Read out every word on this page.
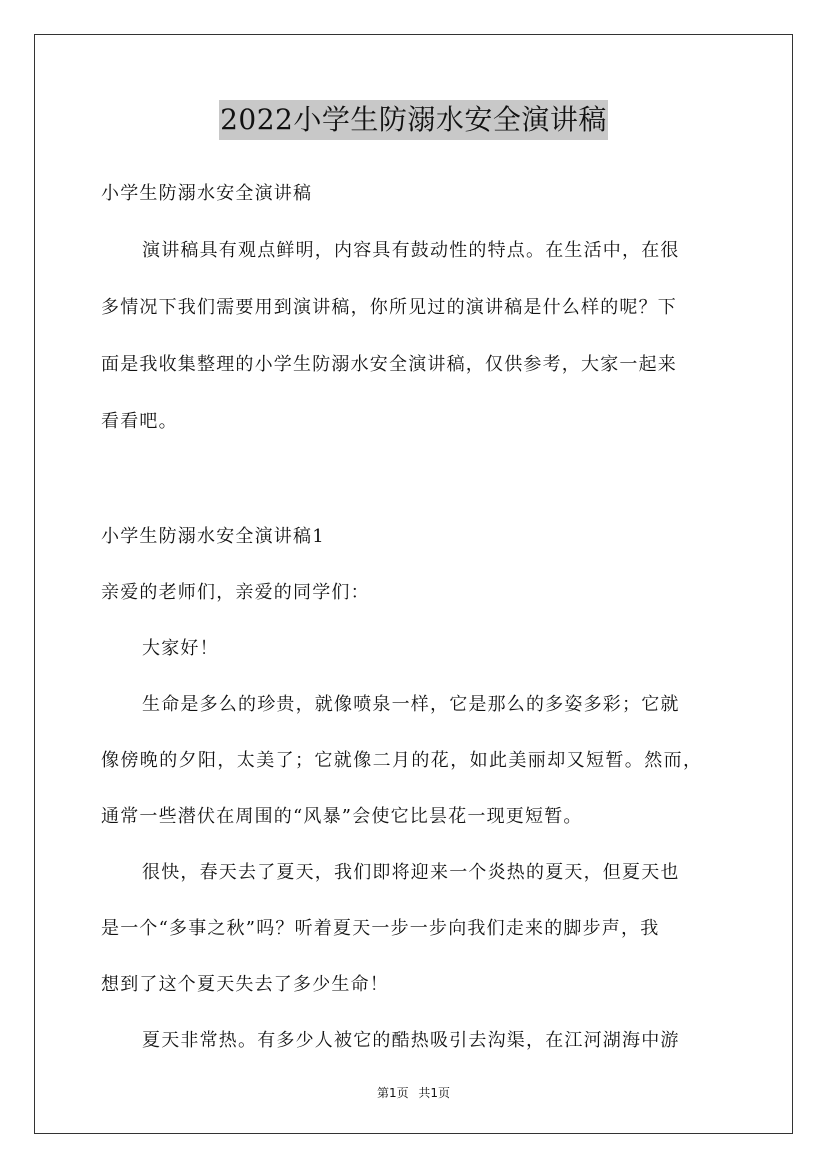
2022小学生防溺水安全演讲稿
小学生防溺水安全演讲稿
演讲稿具有观点鲜明，内容具有鼓动性的特点。在生活中，在很
多情况下我们需要用到演讲稿，你所见过的演讲稿是什么样的呢？下
面是我收集整理的小学生防溺水安全演讲稿，仅供参考，大家一起来
看看吧。
小学生防溺水安全演讲稿1
亲爱的老师们，亲爱的同学们：
大家好！
生命是多么的珍贵，就像喷泉一样，它是那么的多姿多彩；它就
像傍晚的夕阳，太美了；它就像二月的花，如此美丽却又短暂。然而，
通常一些潜伏在周围的“风暴”会使它比昙花一现更短暂。
很快，春天去了夏天，我们即将迎来一个炎热的夏天，但夏天也
是一个“多事之秋”吗？听着夏天一步一步向我们走来的脚步声，我
想到了这个夏天失去了多少生命！
夏天非常热。有多少人被它的酷热吸引去沟渠，在江河湖海中游
第1页 共1页
